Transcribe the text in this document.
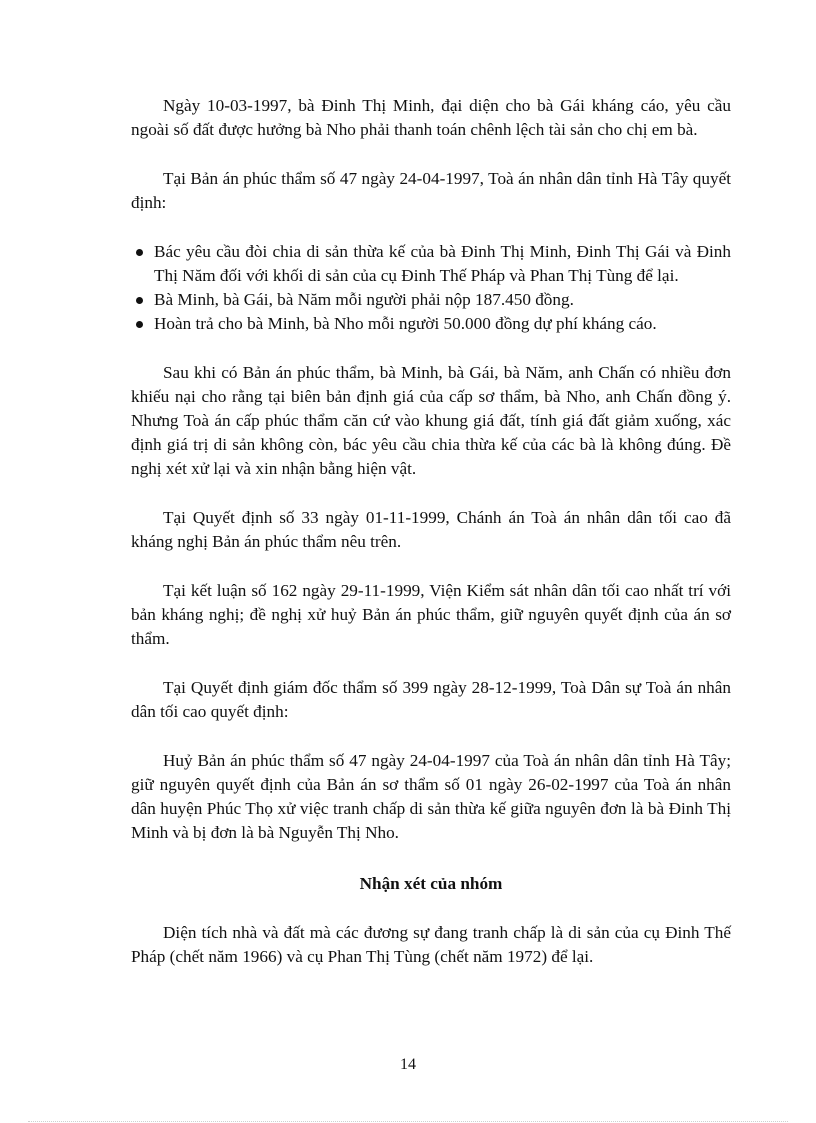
Ngày 10-03-1997, bà Đinh Thị Minh, đại diện cho bà Gái kháng cáo, yêu cầu ngoài số đất được hưởng bà Nho phải thanh toán chênh lệch tài sản cho chị em bà.

Tại Bản án phúc thẩm số 47 ngày 24-04-1997, Toà án nhân dân tỉnh Hà Tây quyết định:

Bác yêu cầu đòi chia di sản thừa kế của bà Đinh Thị Minh, Đinh Thị Gái và Đinh Thị Năm đối với khối di sản của cụ Đinh Thế Pháp và Phan Thị Tùng để lại.
Bà Minh, bà Gái, bà Năm mỗi người phải nộp 187.450 đồng.
Hoàn trả cho bà Minh, bà Nho mỗi người 50.000 đồng dự phí kháng cáo.

Sau khi có Bản án phúc thẩm, bà Minh, bà Gái, bà Năm, anh Chấn có nhiều đơn khiếu nại cho rằng tại biên bản định giá của cấp sơ thẩm, bà Nho, anh Chấn đồng ý. Nhưng Toà án cấp phúc thẩm căn cứ vào khung giá đất, tính giá đất giảm xuống, xác định giá trị di sản không còn, bác yêu cầu chia thừa kế của các bà là không đúng. Đề nghị xét xử lại và xin nhận bằng hiện vật.

Tại Quyết định số 33 ngày 01-11-1999, Chánh án Toà án nhân dân tối cao đã kháng nghị Bản án phúc thẩm nêu trên.

Tại kết luận số 162 ngày 29-11-1999, Viện Kiểm sát nhân dân tối cao nhất trí với bản kháng nghị; đề nghị xử huỷ Bản án phúc thẩm, giữ nguyên quyết định của án sơ thẩm.

Tại Quyết định giám đốc thẩm số 399 ngày 28-12-1999, Toà Dân sự Toà án nhân dân tối cao quyết định:

Huỷ Bản án phúc thẩm số 47 ngày 24-04-1997 của Toà án nhân dân tỉnh Hà Tây; giữ nguyên quyết định của Bản án sơ thẩm số 01 ngày 26-02-1997 của Toà án nhân dân huyện Phúc Thọ xử việc tranh chấp di sản thừa kế giữa nguyên đơn là bà Đinh Thị Minh và bị đơn là bà Nguyễn Thị Nho.

Nhận xét của nhóm

Diện tích nhà và đất mà các đương sự đang tranh chấp là di sản của cụ Đinh Thế Pháp (chết năm 1966) và cụ Phan Thị Tùng (chết năm 1972) để lại.

14
